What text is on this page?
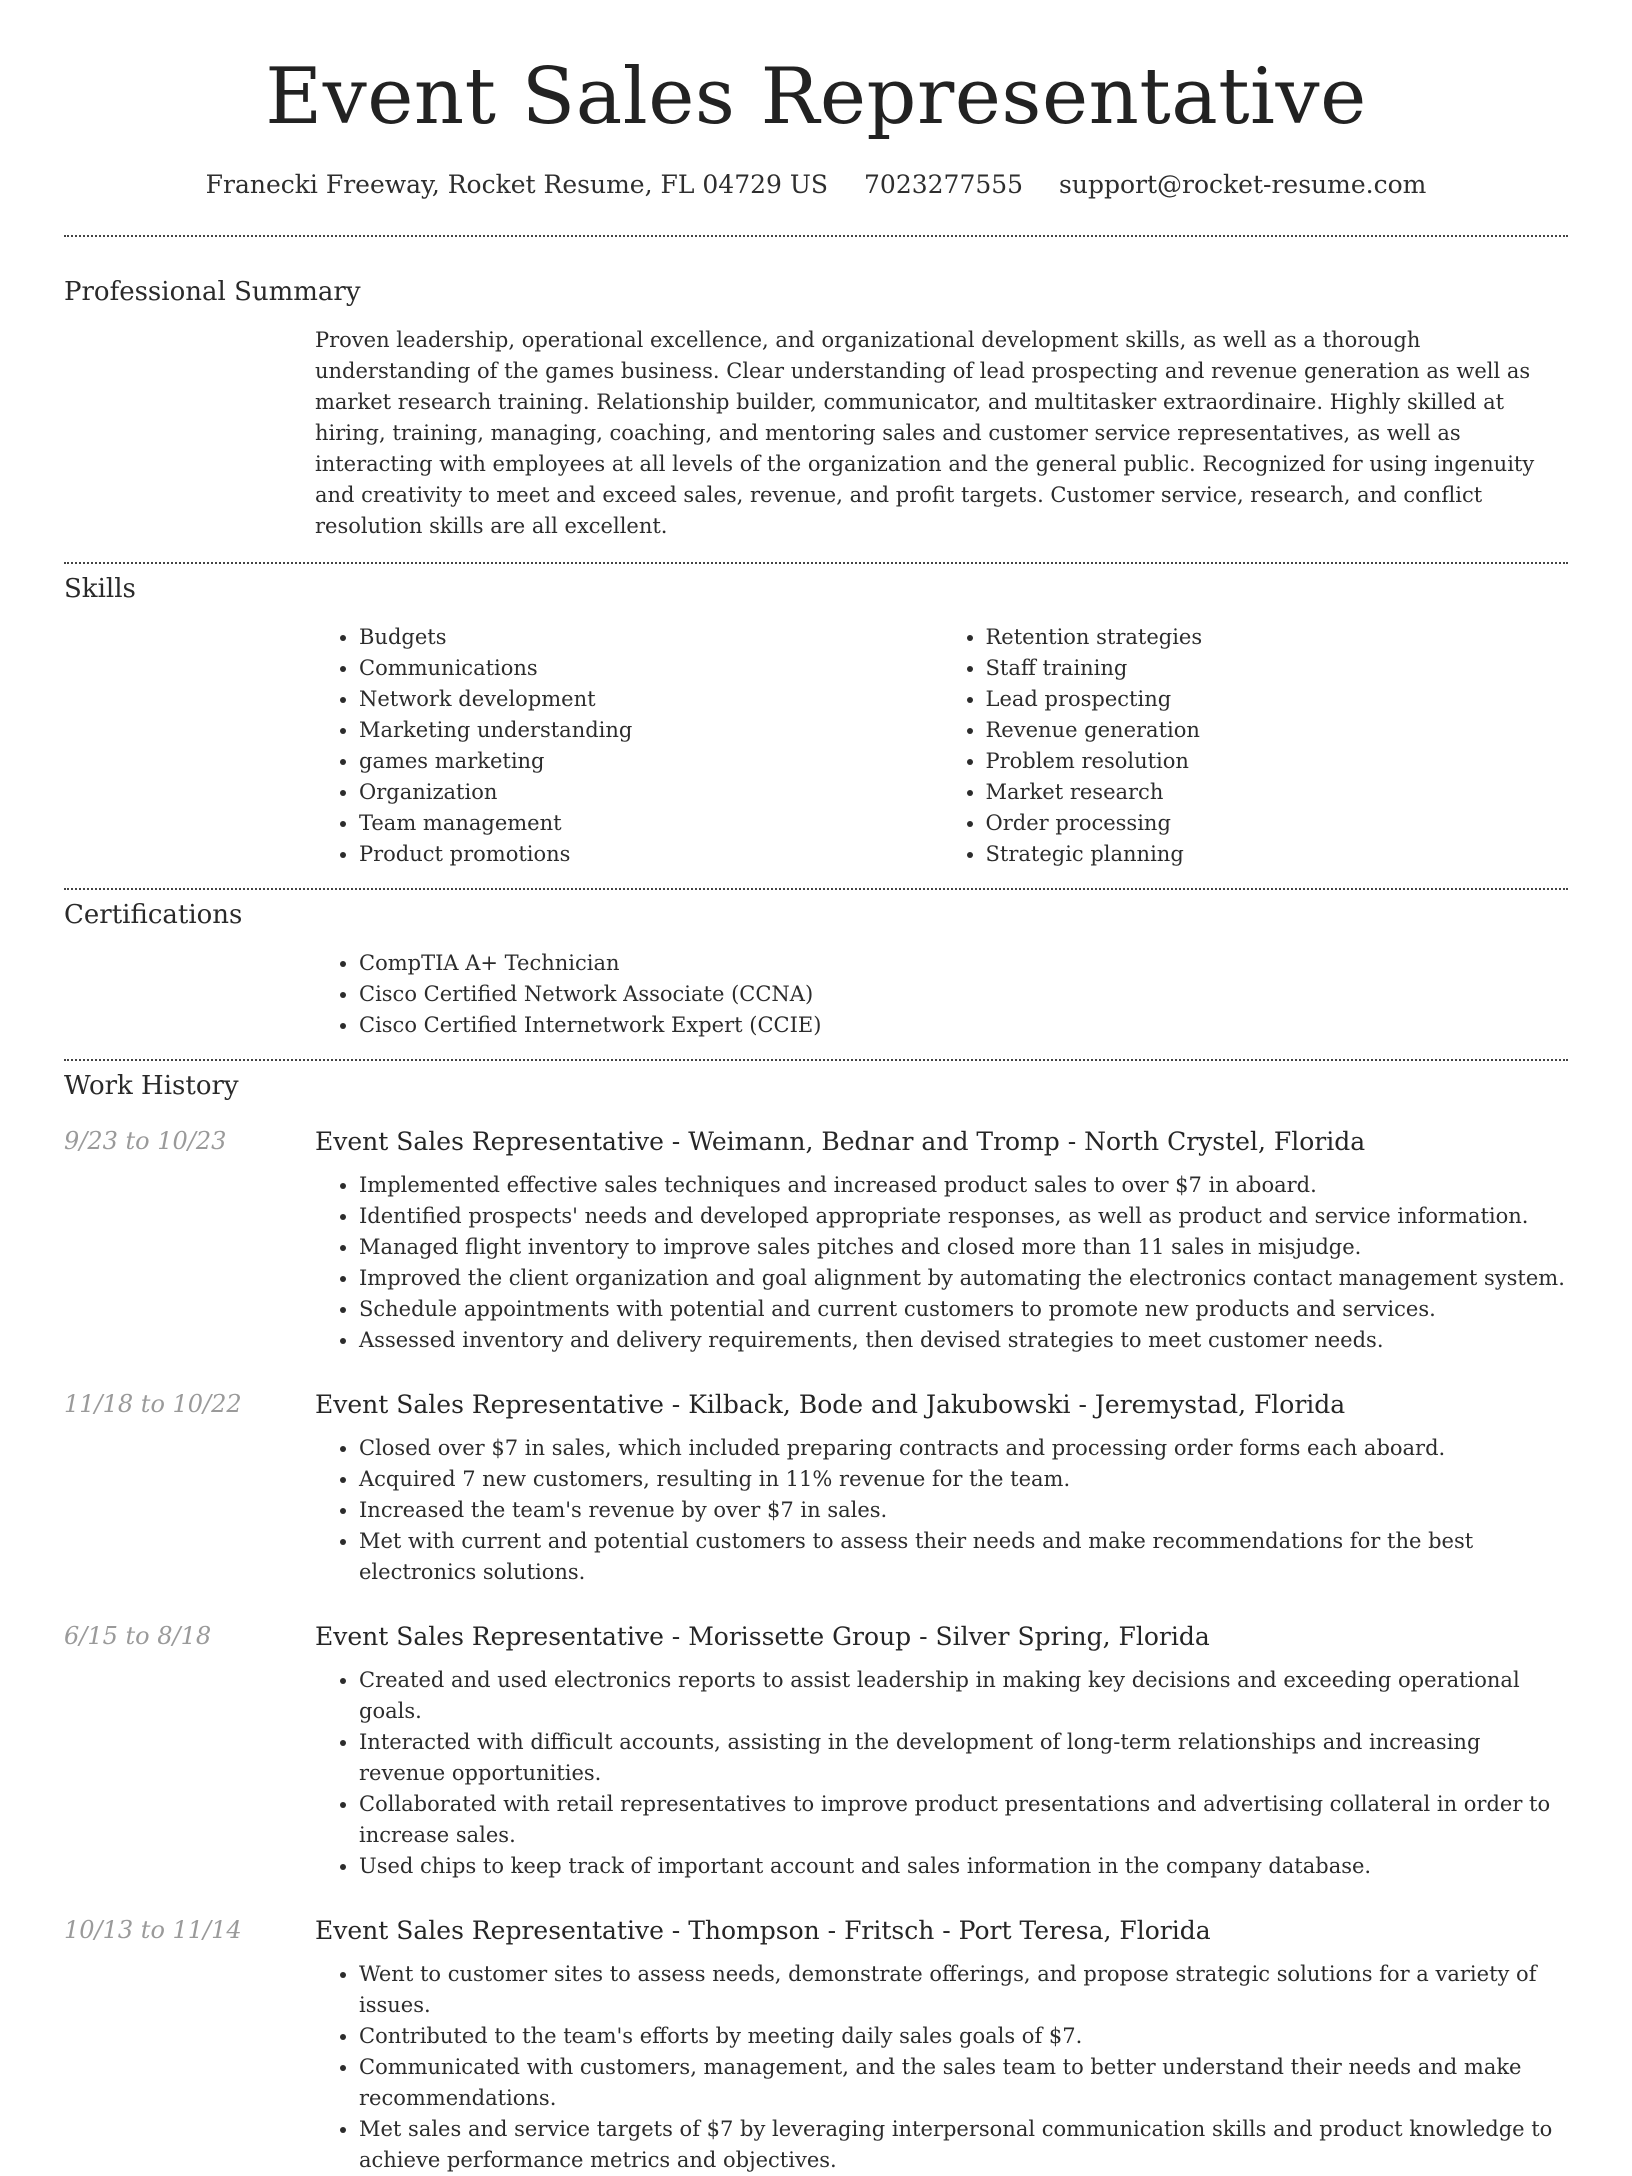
Event Sales Representative
Franecki Freeway, Rocket Resume, FL 04729 US 7023277555 support@rocket-resume.com
Professional Summary
Proven leadership, operational excellence, and organizational development skills, as well as a thorough understanding of the games business. Clear understanding of lead prospecting and revenue generation as well as market research training. Relationship builder, communicator, and multitasker extraordinaire. Highly skilled at hiring, training, managing, coaching, and mentoring sales and customer service representatives, as well as interacting with employees at all levels of the organization and the general public. Recognized for using ingenuity and creativity to meet and exceed sales, revenue, and profit targets. Customer service, research, and conflict resolution skills are all excellent.
Skills
• Budgets
• Communications
• Network development
• Marketing understanding
• games marketing
• Organization
• Team management
• Product promotions
• Retention strategies
• Staff training
• Lead prospecting
• Revenue generation
• Problem resolution
• Market research
• Order processing
• Strategic planning
Certifications
• CompTIA A+ Technician
• Cisco Certified Network Associate (CCNA)
• Cisco Certified Internetwork Expert (CCIE)
Work History
9/23 to 10/23	Event Sales Representative - Weimann, Bednar and Tromp - North Crystel, Florida
• Implemented effective sales techniques and increased product sales to over $7 in aboard.
• Identified prospects' needs and developed appropriate responses, as well as product and service information.
• Managed flight inventory to improve sales pitches and closed more than 11 sales in misjudge.
• Improved the client organization and goal alignment by automating the electronics contact management system.
• Schedule appointments with potential and current customers to promote new products and services.
• Assessed inventory and delivery requirements, then devised strategies to meet customer needs.
11/18 to 10/22	Event Sales Representative - Kilback, Bode and Jakubowski - Jeremystad, Florida
• Closed over $7 in sales, which included preparing contracts and processing order forms each aboard.
• Acquired 7 new customers, resulting in 11% revenue for the team.
• Increased the team's revenue by over $7 in sales.
• Met with current and potential customers to assess their needs and make recommendations for the best electronics solutions.
6/15 to 8/18	Event Sales Representative - Morissette Group - Silver Spring, Florida
• Created and used electronics reports to assist leadership in making key decisions and exceeding operational goals.
• Interacted with difficult accounts, assisting in the development of long-term relationships and increasing revenue opportunities.
• Collaborated with retail representatives to improve product presentations and advertising collateral in order to increase sales.
• Used chips to keep track of important account and sales information in the company database.
10/13 to 11/14	Event Sales Representative - Thompson - Fritsch - Port Teresa, Florida
• Went to customer sites to assess needs, demonstrate offerings, and propose strategic solutions for a variety of issues.
• Contributed to the team's efforts by meeting daily sales goals of $7.
• Communicated with customers, management, and the sales team to better understand their needs and make recommendations.
• Met sales and service targets of $7 by leveraging interpersonal communication skills and product knowledge to achieve performance metrics and objectives.
